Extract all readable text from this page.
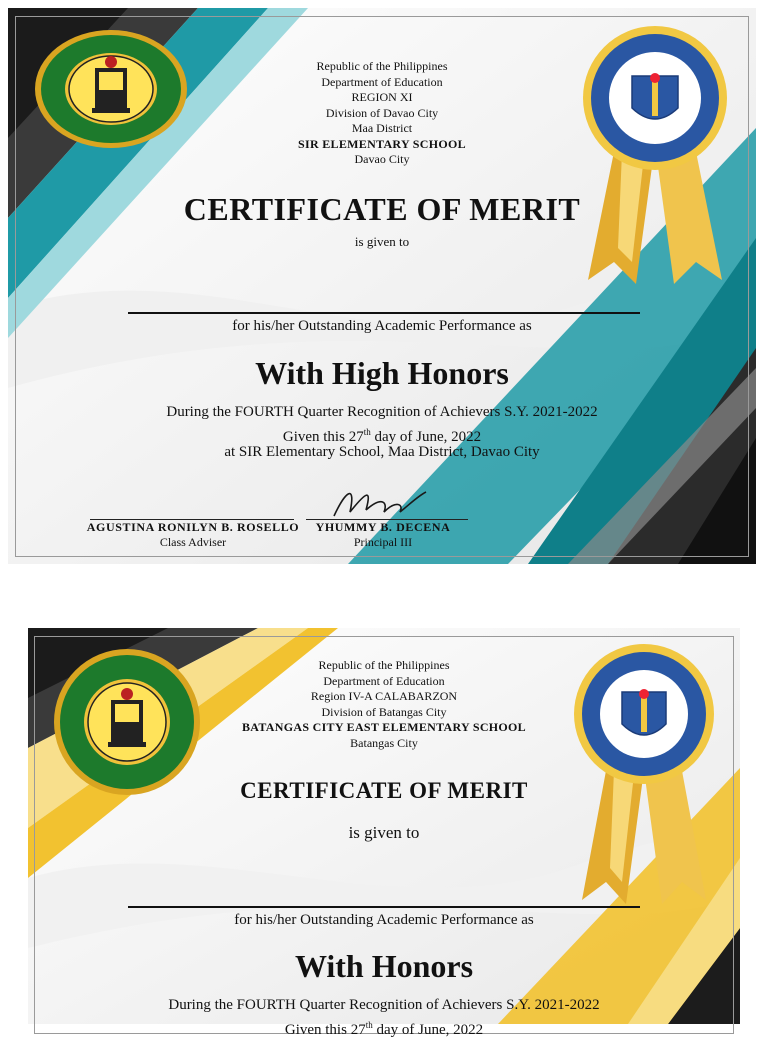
Republic of the Philippines
Department of Education
REGION XI
Division of Davao City
Maa District
SIR ELEMENTARY SCHOOL
Davao City
CERTIFICATE OF MERIT
is given to
for his/her Outstanding Academic Performance as
With High Honors
During the FOURTH Quarter Recognition of Achievers S.Y. 2021-2022
Given this 27th day of June, 2022
at SIR Elementary School, Maa District, Davao City
AGUSTINA RONILYN B. ROSELLO
Class Adviser
YHUMMY B. DECENA
Principal III
Republic of the Philippines
Department of Education
Region IV-A CALABARZON
Division of Batangas City
BATANGAS CITY EAST ELEMENTARY SCHOOL
Batangas City
CERTIFICATE OF MERIT
is given to
for his/her Outstanding Academic Performance as
With Honors
During the FOURTH Quarter Recognition of Achievers S.Y. 2021-2022
Given this 27th day of June, 2022
